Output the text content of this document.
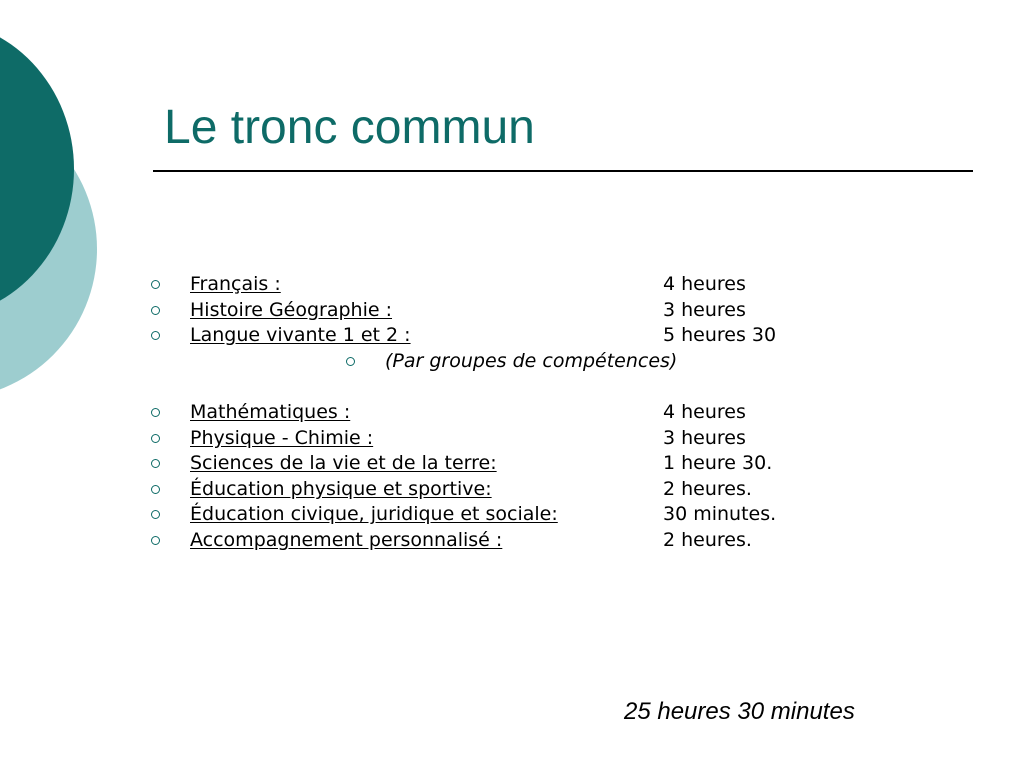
Le tronc commun
Français :	4 heures
Histoire Géographie :	3 heures
Langue vivante 1 et 2 :	5 heures 30
(Par groupes de compétences)
Mathématiques :	4 heures
Physique - Chimie :	3 heures
Sciences de la vie et de la terre:	1 heure 30.
Éducation physique et sportive:	2 heures.
Éducation civique, juridique et sociale:	30 minutes.
Accompagnement personnalisé :	2 heures.

25 heures 30 minutes
